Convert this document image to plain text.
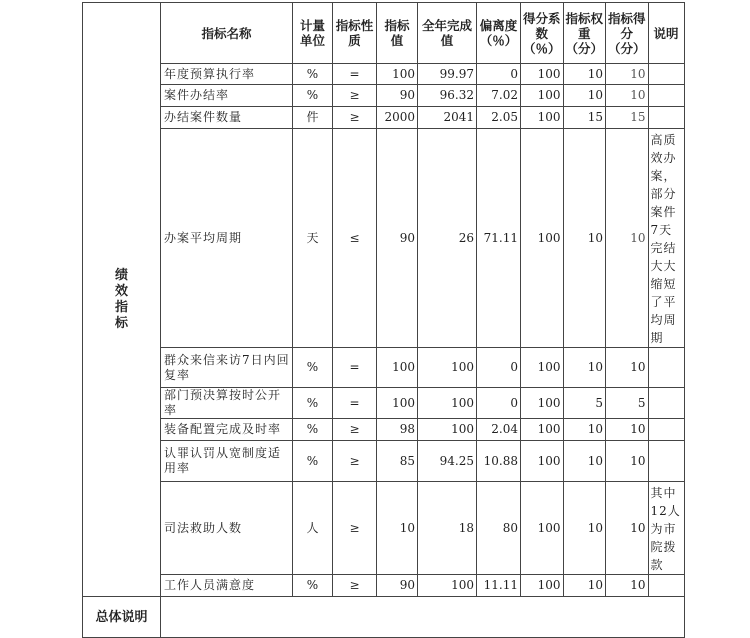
绩效指标	指标名称	计量单位	指标性质	指标值	全年完成值	偏离度（％）	得分系数（％）	指标权重（分）	指标得分（分）	说明
	年度预算执行率	%	=	100	99.97	0	100	10	10	
	案件办结率	%	≥	90	96.32	7.02	100	10	10	
	办结案件数量	件	≥	2000	2041	2.05	100	15	15	
	办案平均周期	天	≤	90	26	71.11	100	10	10	高质效办案，部分案件7天完结大大缩短了平均周期
	群众来信来访7日内回复率	%	=	100	100	0	100	10	10	
	部门预决算按时公开率	%	=	100	100	0	100	5	5	
	装备配置完成及时率	%	≥	98	100	2.04	100	10	10	
	认罪认罚从宽制度适用率	%	≥	85	94.25	10.88	100	10	10	
	司法救助人数	人	≥	10	18	80	100	10	10	其中12人为市院拨款
	工作人员满意度	%	≥	90	100	11.11	100	10	10	
总体说明										
